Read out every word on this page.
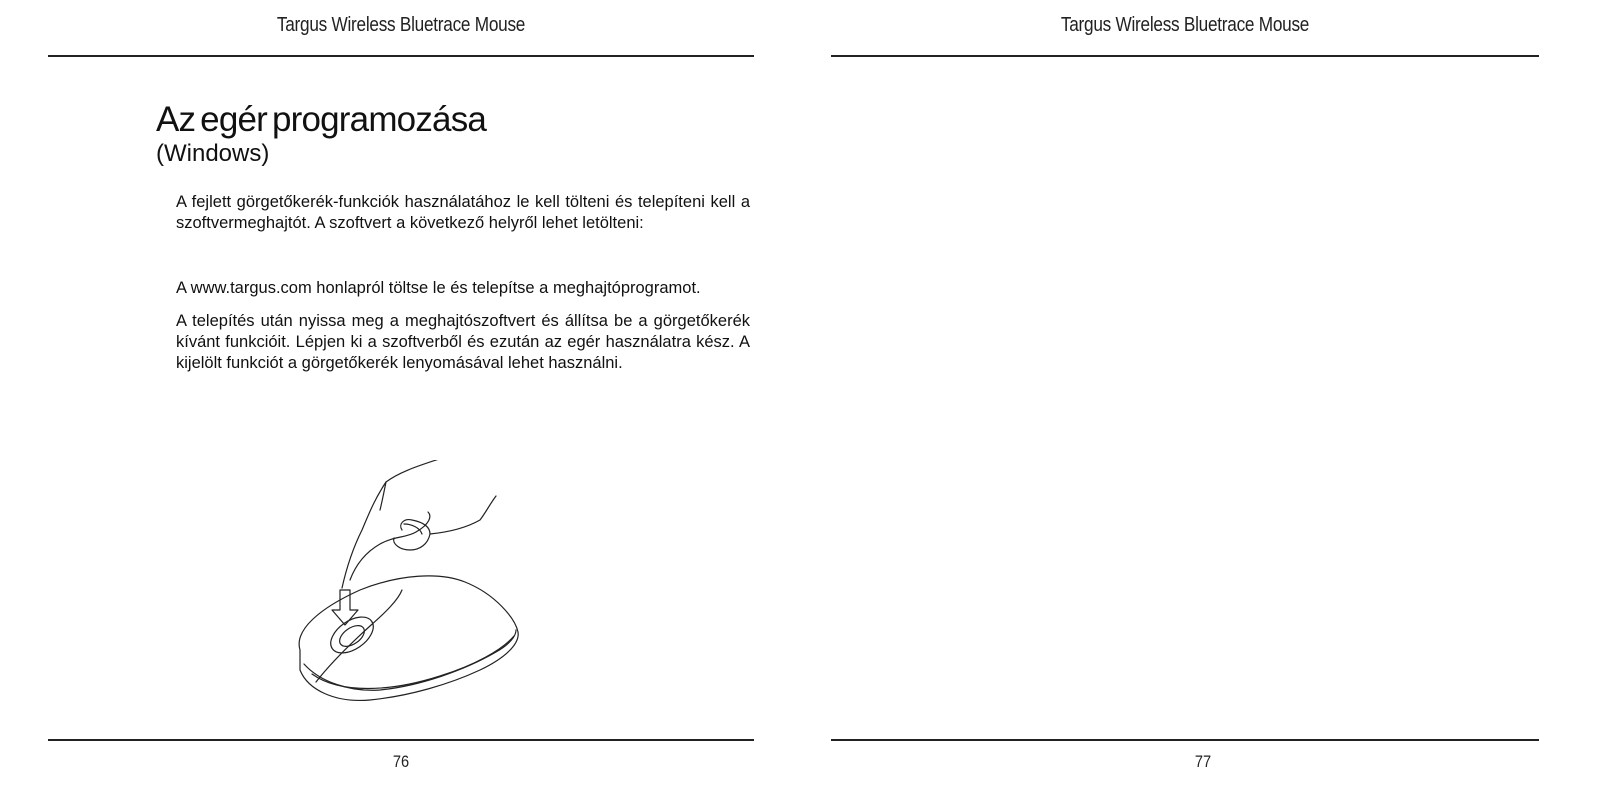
Targus Wireless Bluetrace Mouse
Az egér programozása
(Windows)
A fejlett görgetőkerék-funkciók használatához le kell tölteni és telepíteni kell a szoftvermeghajtót. A szoftvert a következő helyről lehet letölteni:
A www.targus.com honlapról töltse le és telepítse a meghajtóprogramot.
A telepítés után nyissa meg a meghajtószoftvert és állítsa be a görgetőkerék kívánt funkcióit. Lépjen ki a szoftverből és ezután az egér használatra kész. A kijelölt funkciót a görgetőkerék lenyomásával lehet használni.
76
Targus Wireless Bluetrace Mouse
77
